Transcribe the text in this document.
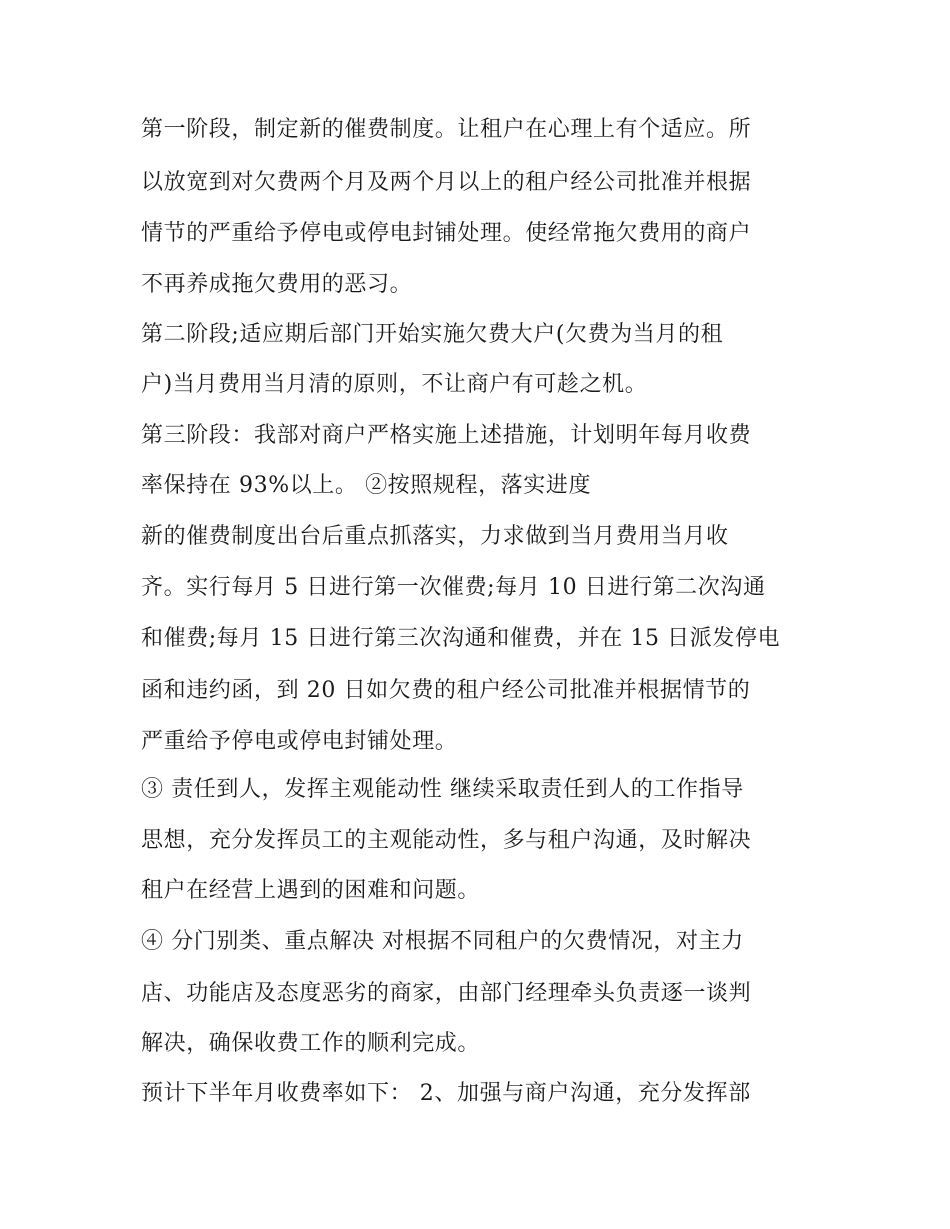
第一阶段，制定新的催费制度。让租户在心理上有个适应。所
以放宽到对欠费两个月及两个月以上的租户经公司批准并根据
情节的严重给予停电或停电封铺处理。使经常拖欠费用的商户
不再养成拖欠费用的恶习。
第二阶段;适应期后部门开始实施欠费大户(欠费为当月的租
户)当月费用当月清的原则，不让商户有可趁之机。
第三阶段：我部对商户严格实施上述措施，计划明年每月收费
率保持在 93%以上。 ②按照规程，落实进度
新的催费制度出台后重点抓落实，力求做到当月费用当月收
齐。实行每月 5 日进行第一次催费;每月 10 日进行第二次沟通
和催费;每月 15 日进行第三次沟通和催费，并在 15 日派发停电
函和违约函，到 20 日如欠费的租户经公司批准并根据情节的
严重给予停电或停电封铺处理。
③ 责任到人，发挥主观能动性 继续采取责任到人的工作指导
思想，充分发挥员工的主观能动性，多与租户沟通，及时解决
租户在经营上遇到的困难和问题。
④ 分门别类、重点解决 对根据不同租户的欠费情况，对主力
店、功能店及态度恶劣的商家，由部门经理牵头负责逐一谈判
解决，确保收费工作的顺利完成。
预计下半年月收费率如下： 2、加强与商户沟通，充分发挥部
